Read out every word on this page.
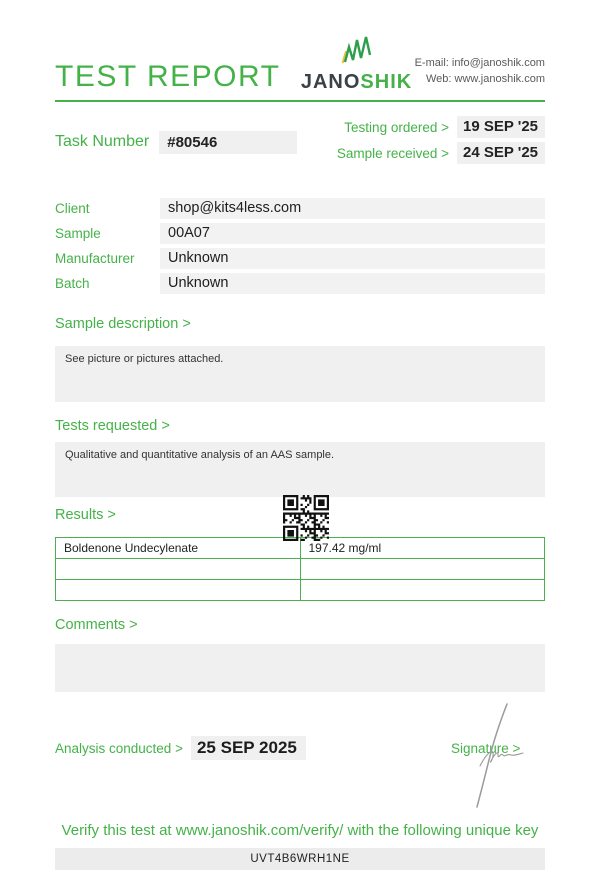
TEST REPORT JANOSHIK
E-mail: info@janoshik.com
Web: www.janoshik.com
Task Number	#80546
Testing ordered > 19 SEP '25
Sample received > 24 SEP '25
Client	shop@kits4less.com
Sample	00A07
Manufacturer	Unknown
Batch	Unknown
Sample description >
See picture or pictures attached.
Tests requested >
Qualitative and quantitative analysis of an AAS sample.
Results >
Boldenone Undecylenate	197.42 mg/ml

Comments >
Analysis conducted > 25 SEP 2025	Signature >
Verify this test at www.janoshik.com/verify/ with the following unique key
UVT4B6WRH1NE
